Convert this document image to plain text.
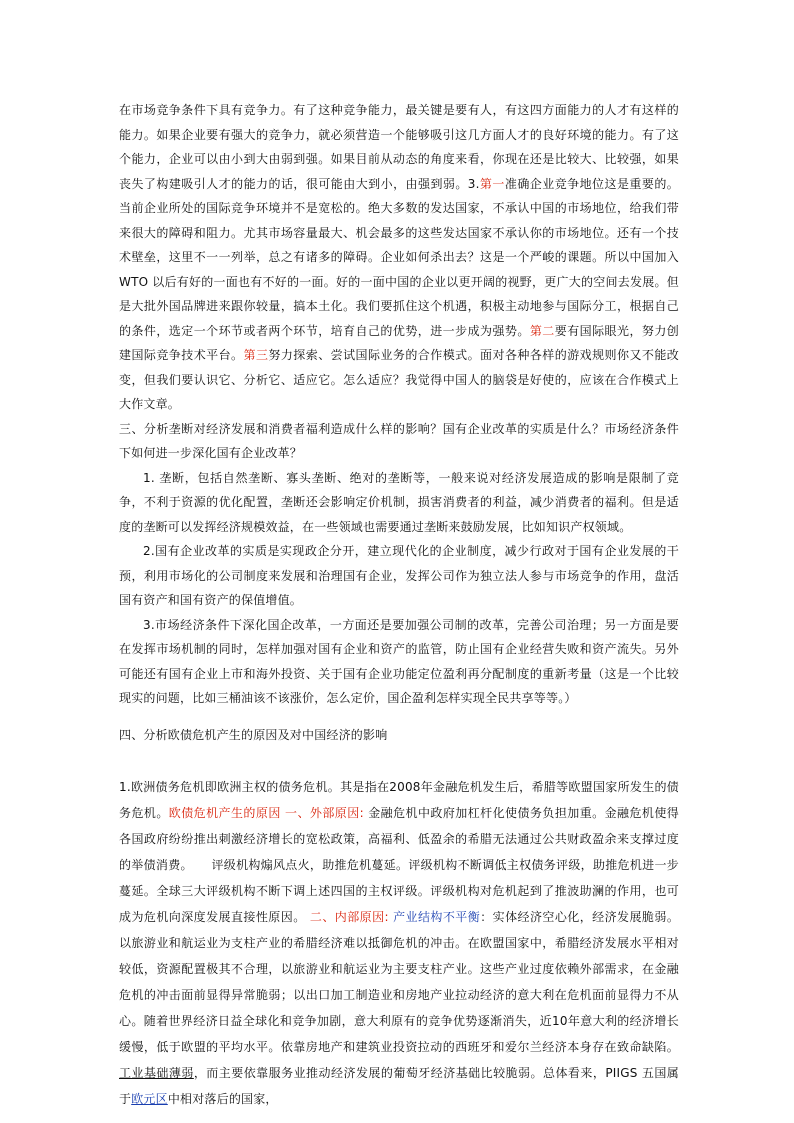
在市场竞争条件下具有竞争力。有了这种竞争能力，最关键是要有人，有这四方面能力的人才有这样的能力。如果企业要有强大的竞争力，就必须营造一个能够吸引这几方面人才的良好环境的能力。有了这个能力，企业可以由小到大由弱到强。如果目前从动态的角度来看，你现在还是比较大、比较强，如果丧失了构建吸引人才的能力的话，很可能由大到小，由强到弱。3.第一准确企业竞争地位这是重要的。当前企业所处的国际竞争环境并不是宽松的。绝大多数的发达国家，不承认中国的市场地位，给我们带来很大的障碍和阻力。尤其市场容量最大、机会最多的这些发达国家不承认你的市场地位。还有一个技术壁垒，这里不一一列举，总之有诸多的障碍。企业如何杀出去？这是一个严峻的课题。所以中国加入 WTO 以后有好的一面也有不好的一面。好的一面中国的企业以更开阔的视野，更广大的空间去发展。但是大批外国品牌进来跟你较量，搞本土化。我们要抓住这个机遇，积极主动地参与国际分工，根据自己的条件，选定一个环节或者两个环节，培育自己的优势，进一步成为强势。第二要有国际眼光，努力创建国际竞争技术平台。第三努力探索、尝试国际业务的合作模式。面对各种各样的游戏规则你又不能改变，但我们要认识它、分析它、适应它。怎么适应？我觉得中国人的脑袋是好使的，应该在合作模式上大作文章。

三、分析垄断对经济发展和消费者福利造成什么样的影响？国有企业改革的实质是什么？市场经济条件下如何进一步深化国有企业改革？

1. 垄断，包括自然垄断、寡头垄断、绝对的垄断等，一般来说对经济发展造成的影响是限制了竞争，不利于资源的优化配置，垄断还会影响定价机制，损害消费者的利益，减少消费者的福利。但是适度的垄断可以发挥经济规模效益，在一些领域也需要通过垄断来鼓励发展，比如知识产权领域。

2.国有企业改革的实质是实现政企分开，建立现代化的企业制度，减少行政对于国有企业发展的干预，利用市场化的公司制度来发展和治理国有企业，发挥公司作为独立法人参与市场竞争的作用，盘活国有资产和国有资产的保值增值。

3.市场经济条件下深化国企改革，一方面还是要加强公司制的改革，完善公司治理；另一方面是要在发挥市场机制的同时，怎样加强对国有企业和资产的监管，防止国有企业经营失败和资产流失。另外可能还有国有企业上市和海外投资、关于国有企业功能定位盈利再分配制度的重新考量（这是一个比较现实的问题，比如三桶油该不该涨价，怎么定价，国企盈利怎样实现全民共享等等。）

四、分析欧债危机产生的原因及对中国经济的影响

1.欧洲债务危机即欧洲主权的债务危机。其是指在2008年金融危机发生后，希腊等欧盟国家所发生的债务危机。欧债危机产生的原因 一、外部原因: 金融危机中政府加杠杆化使债务负担加重。金融危机使得各国政府纷纷推出刺激经济增长的宽松政策，高福利、低盈余的希腊无法通过公共财政盈余来支撑过度的举债消费。　　评级机构煽风点火，助推危机蔓延。评级机构不断调低主权债务评级，助推危机进一步蔓延。全球三大评级机构不断下调上述四国的主权评级。评级机构对危机起到了推波助澜的作用，也可成为危机向深度发展直接性原因。 二、内部原因: 产业结构不平衡：实体经济空心化，经济发展脆弱。以旅游业和航运业为支柱产业的希腊经济难以抵御危机的冲击。在欧盟国家中，希腊经济发展水平相对较低，资源配置极其不合理，以旅游业和航运业为主要支柱产业。这些产业过度依赖外部需求，在金融危机的冲击面前显得异常脆弱；以出口加工制造业和房地产业拉动经济的意大利在危机面前显得力不从心。随着世界经济日益全球化和竞争加剧，意大利原有的竞争优势逐渐消失，近10年意大利的经济增长缓慢，低于欧盟的平均水平。依靠房地产和建筑业投资拉动的西班牙和爱尔兰经济本身存在致命缺陷。工业基础薄弱，而主要依靠服务业推动经济发展的葡萄牙经济基础比较脆弱。总体看来，PIIGS 五国属于欧元区中相对落后的国家，
